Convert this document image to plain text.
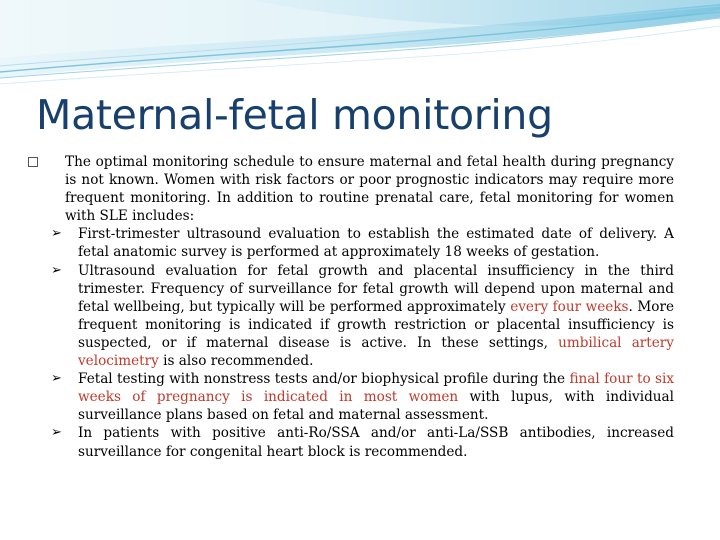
Maternal-fetal monitoring
The optimal monitoring schedule to ensure maternal and fetal health during pregnancy is not known. Women with risk factors or poor prognostic indicators may require more frequent monitoring. In addition to routine prenatal care, fetal monitoring for women with SLE includes:
➢ First-trimester ultrasound evaluation to establish the estimated date of delivery. A fetal anatomic survey is performed at approximately 18 weeks of gestation.
➢ Ultrasound evaluation for fetal growth and placental insufficiency in the third trimester. Frequency of surveillance for fetal growth will depend upon maternal and fetal wellbeing, but typically will be performed approximately every four weeks. More frequent monitoring is indicated if growth restriction or placental insufficiency is suspected, or if maternal disease is active. In these settings, umbilical artery velocimetry is also recommended.
➢ Fetal testing with nonstress tests and/or biophysical profile during the final four to six weeks of pregnancy is indicated in most women with lupus, with individual surveillance plans based on fetal and maternal assessment.
➢ In patients with positive anti-Ro/SSA and/or anti-La/SSB antibodies, increased surveillance for congenital heart block is recommended.
